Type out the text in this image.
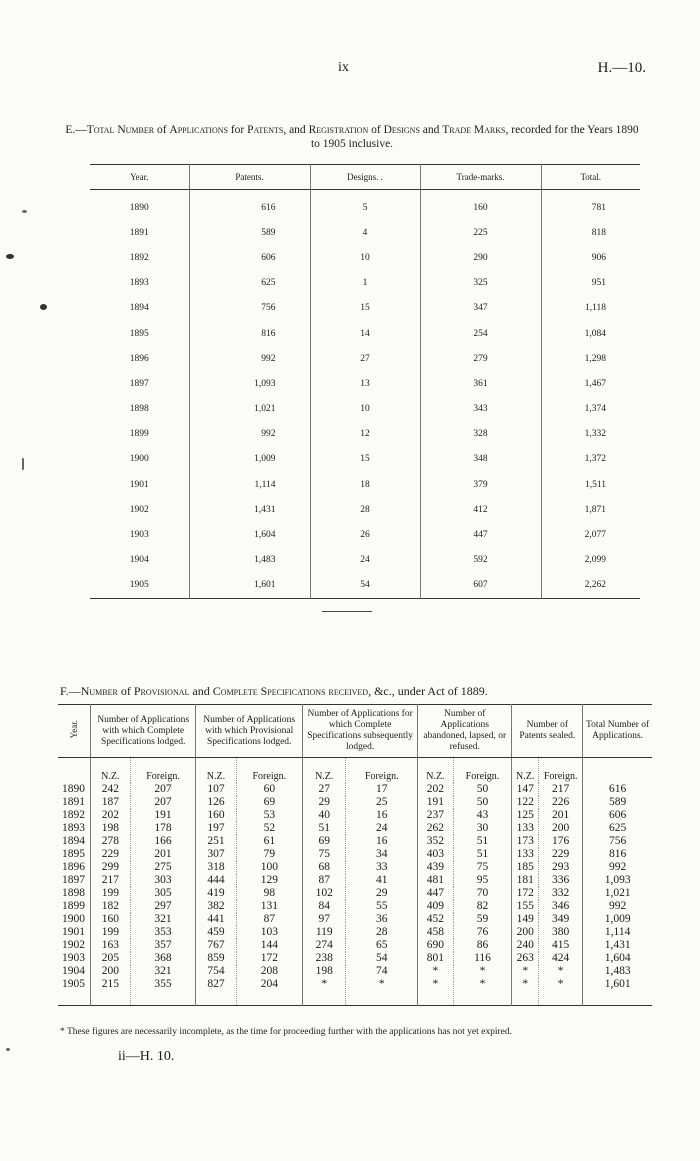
ix	H.—10.
E.—Total Number of Applications for Patents, and Registration of Designs and Trade Marks, recorded for the Years 1890 to 1905 inclusive.
Year.	Patents.	Designs. .	Trade-marks.	Total.
1890	616	5	160	781
1891	589	4	225	818
1892	606	10	290	906
1893	625	1	325	951
1894	756	15	347	1,118
1895	816	14	254	1,084
1896	992	27	279	1,298
1897	1,093	13	361	1,467
1898	1,021	10	343	1,374
1899	992	12	328	1,332
1900	1,009	15	348	1,372
1901	1,114	18	379	1,511
1902	1,431	28	412	1,871
1903	1,604	26	447	2,077
1904	1,483	24	592	2,099
1905	1,601	54	607	2,262
F.—Number of Provisional and Complete Specifications received, &c., under Act of 1889.
Year.	Number of Applications with which Complete Specifications lodged.		Number of Applications with which Provisional Specifications lodged.		Number of Applications for which Complete Specifications subsequently lodged.		Number of Applications abandoned, lapsed, or refused.		Number of Patents sealed.		Total Number of Applications.
	N.Z.	Foreign.	N.Z.	Foreign.	N.Z.	Foreign.	N.Z.	Foreign.	N.Z.	Foreign.	
1890	242	207	107	60	27	17	202	50	147	217	616
1891	187	207	126	69	29	25	191	50	122	226	589
1892	202	191	160	53	40	16	237	43	125	201	606
1893	198	178	197	52	51	24	262	30	133	200	625
1894	278	166	251	61	69	16	352	51	173	176	756
1895	229	201	307	79	75	34	403	51	133	229	816
1896	299	275	318	100	68	33	439	75	185	293	992
1897	217	303	444	129	87	41	481	95	181	336	1,093
1898	199	305	419	98	102	29	447	70	172	332	1,021
1899	182	297	382	131	84	55	409	82	155	346	992
1900	160	321	441	87	97	36	452	59	149	349	1,009
1901	199	353	459	103	119	28	458	76	200	380	1,114
1902	163	357	767	144	274	65	690	86	240	415	1,431
1903	205	368	859	172	238	54	801	116	263	424	1,604
1904	200	321	754	208	198	74	*	*	*	*	1,483
1905	215	355	827	204	*	*	*	*	*	*	1,601
* These figures are necessarily incomplete, as the time for proceeding further with the applications has not yet expired.
ii—H. 10.
